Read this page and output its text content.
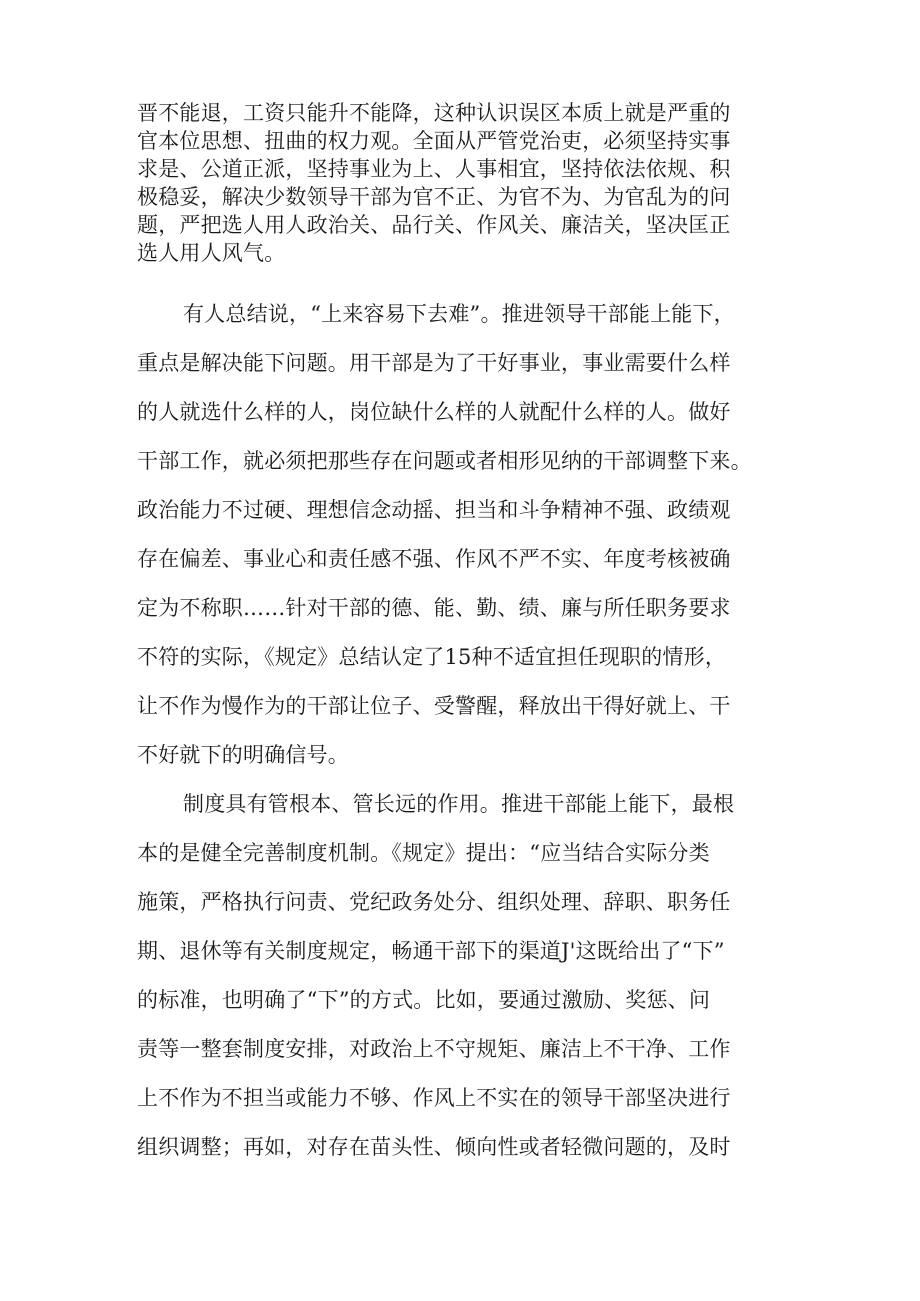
晋不能退，工资只能升不能降，这种认识误区本质上就是严重的
官本位思想、扭曲的权力观。全面从严管党治吏，必须坚持实事
求是、公道正派，坚持事业为上、人事相宜，坚持依法依规、积
极稳妥，解决少数领导干部为官不正、为官不为、为官乱为的问
题，严把选人用人政治关、品行关、作风关、廉洁关，坚决匡正
选人用人风气。
有人总结说，“上来容易下去难”。推进领导干部能上能下，
重点是解决能下问题。用干部是为了干好事业，事业需要什么样
的人就选什么样的人，岗位缺什么样的人就配什么样的人。做好
干部工作，就必须把那些存在问题或者相形见纳的干部调整下来。
政治能力不过硬、理想信念动摇、担当和斗争精神不强、政绩观
存在偏差、事业心和责任感不强、作风不严不实、年度考核被确
定为不称职……针对干部的德、能、勤、绩、廉与所任职务要求
不符的实际，《规定》总结认定了15种不适宜担任现职的情形，
让不作为慢作为的干部让位子、受警醒，释放出干得好就上、干
不好就下的明确信号。
制度具有管根本、管长远的作用。推进干部能上能下，最根
本的是健全完善制度机制。《规定》提出：“应当结合实际分类
施策，严格执行问责、党纪政务处分、组织处理、辞职、职务任
期、退休等有关制度规定，畅通干部下的渠道J'这既给出了“下”
的标准，也明确了“下”的方式。比如，要通过激励、奖惩、问
责等一整套制度安排，对政治上不守规矩、廉洁上不干净、工作
上不作为不担当或能力不够、作风上不实在的领导干部坚决进行
组织调整；再如，对存在苗头性、倾向性或者轻微问题的，及时
